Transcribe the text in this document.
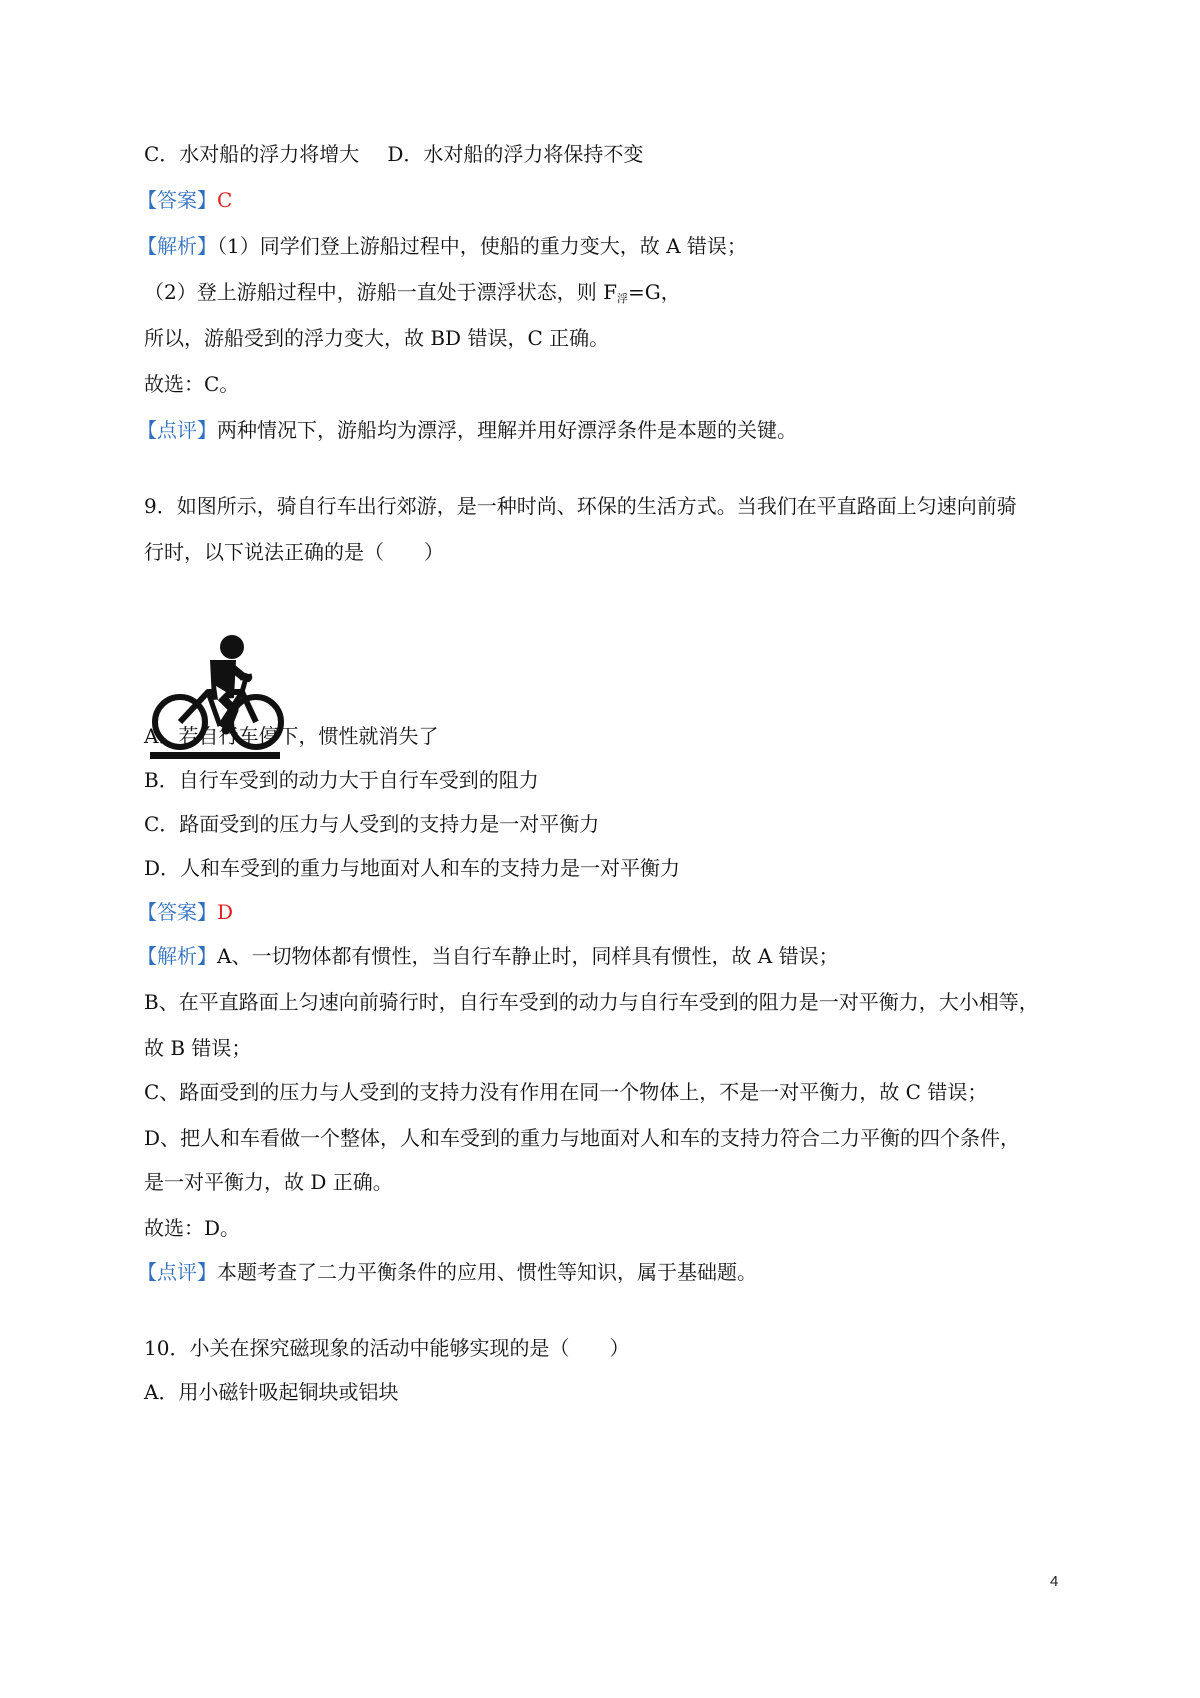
C．水对船的浮力将增大 D．水对船的浮力将保持不变
【答案】C
【解析】（1）同学们登上游船过程中，使船的重力变大，故 A 错误；
（2）登上游船过程中，游船一直处于漂浮状态，则 F浮=G，
所以，游船受到的浮力变大，故 BD 错误，C 正确。
故选：C。
【点评】两种情况下，游船均为漂浮，理解并用好漂浮条件是本题的关键。
9．如图所示，骑自行车出行郊游，是一种时尚、环保的生活方式。当我们在平直路面上匀速向前骑
行时，以下说法正确的是（　　）
A．若自行车停下，惯性就消失了
B．自行车受到的动力大于自行车受到的阻力
C．路面受到的压力与人受到的支持力是一对平衡力
D．人和车受到的重力与地面对人和车的支持力是一对平衡力
【答案】D
【解析】A、一切物体都有惯性，当自行车静止时，同样具有惯性，故 A 错误；
B、在平直路面上匀速向前骑行时，自行车受到的动力与自行车受到的阻力是一对平衡力，大小相等，
故 B 错误；
C、路面受到的压力与人受到的支持力没有作用在同一个物体上，不是一对平衡力，故 C 错误；
D、把人和车看做一个整体，人和车受到的重力与地面对人和车的支持力符合二力平衡的四个条件，
是一对平衡力，故 D 正确。
故选：D。
【点评】本题考查了二力平衡条件的应用、惯性等知识，属于基础题。
10．小关在探究磁现象的活动中能够实现的是（　　）
A．用小磁针吸起铜块或铝块
4
